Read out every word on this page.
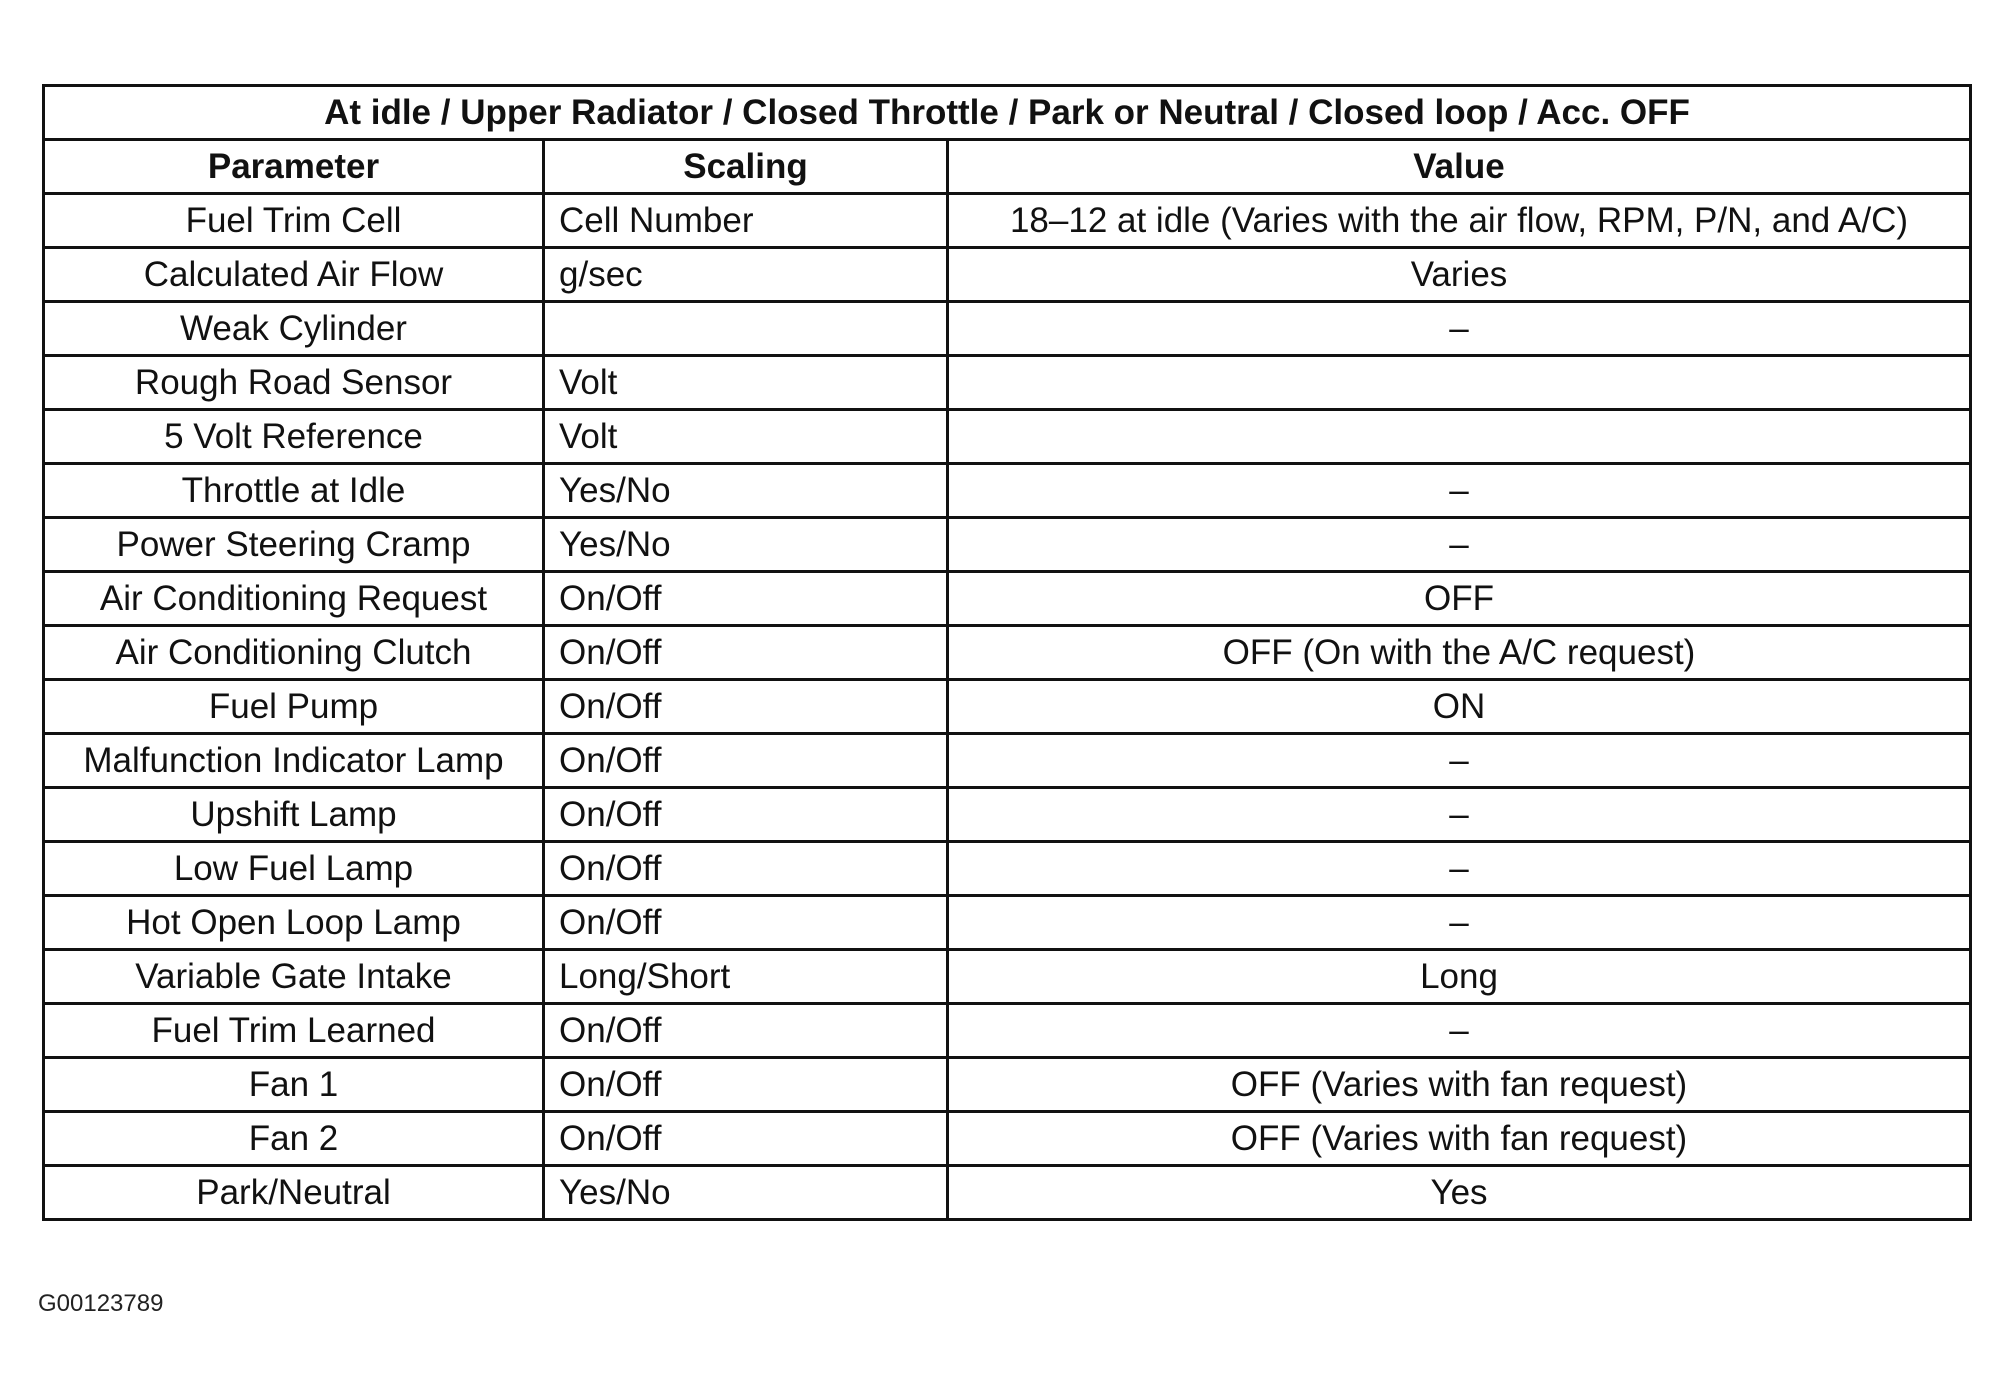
At idle / Upper Radiator / Closed Throttle / Park or Neutral / Closed loop / Acc. OFF		
Parameter	Scaling	Value
Fuel Trim Cell	Cell Number	18–12 at idle (Varies with the air flow, RPM, P/N, and A/C)
Calculated Air Flow	g/sec	Varies
Weak Cylinder		–
Rough Road Sensor	Volt	
5 Volt Reference	Volt	
Throttle at Idle	Yes/No	–
Power Steering Cramp	Yes/No	–
Air Conditioning Request	On/Off	OFF
Air Conditioning Clutch	On/Off	OFF (On with the A/C request)
Fuel Pump	On/Off	ON
Malfunction Indicator Lamp	On/Off	–
Upshift Lamp	On/Off	–
Low Fuel Lamp	On/Off	–
Hot Open Loop Lamp	On/Off	–
Variable Gate Intake	Long/Short	Long
Fuel Trim Learned	On/Off	–
Fan 1	On/Off	OFF (Varies with fan request)
Fan 2	On/Off	OFF (Varies with fan request)
Park/Neutral	Yes/No	Yes
G00123789
